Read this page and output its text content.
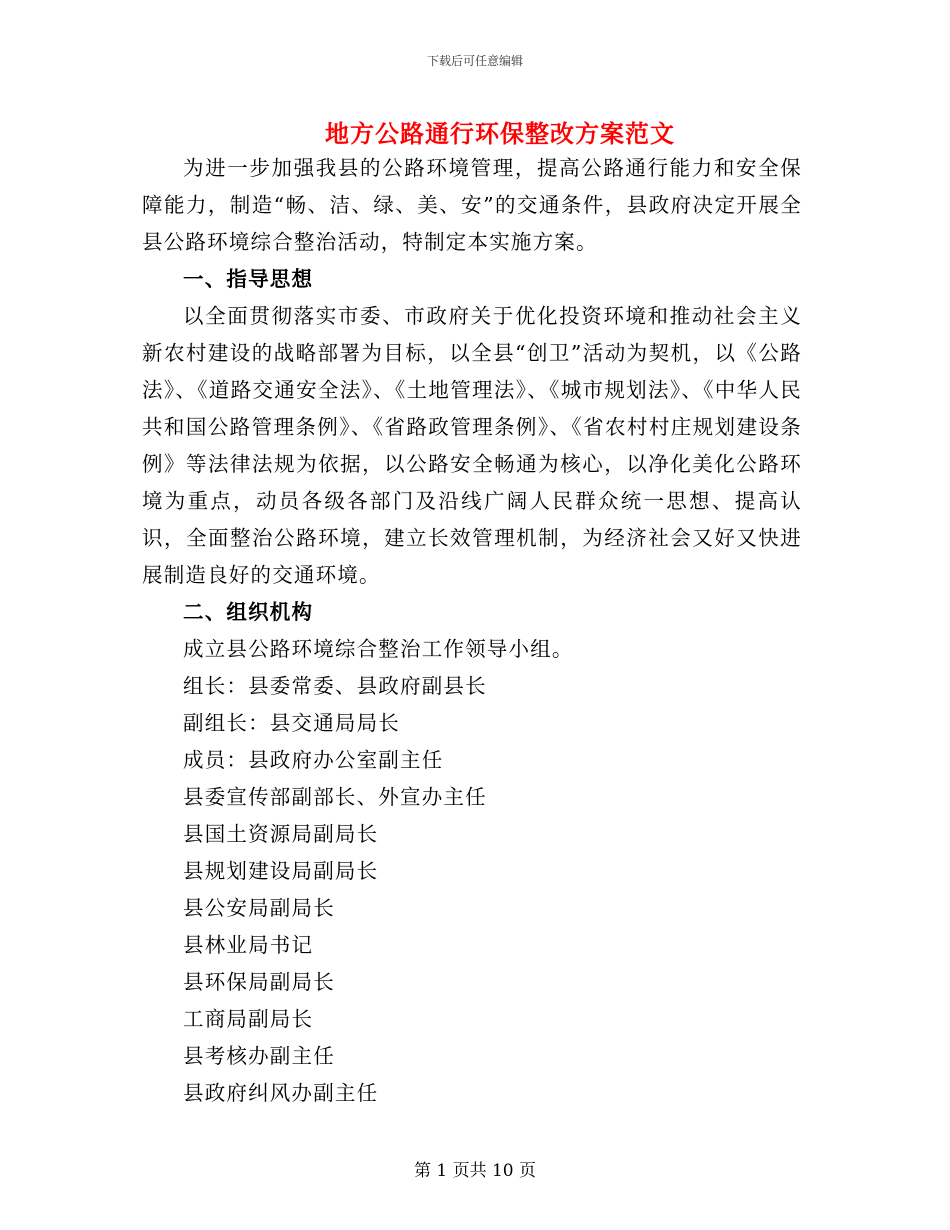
下载后可任意编辑
地方公路通行环保整改方案范文

为进一步加强我县的公路环境管理，提高公路通行能力和安全保障能力，制造“畅、洁、绿、美、安”的交通条件，县政府决定开展全县公路环境综合整治活动，特制定本实施方案。

一、指导思想

以全面贯彻落实市委、市政府关于优化投资环境和推动社会主义新农村建设的战略部署为目标，以全县“创卫”活动为契机，以《公路法》、《道路交通安全法》、《土地管理法》、《城市规划法》、《中华人民共和国公路管理条例》、《省路政管理条例》、《省农村村庄规划建设条例》等法律法规为依据，以公路安全畅通为核心，以净化美化公路环境为重点，动员各级各部门及沿线广阔人民群众统一思想、提高认识，全面整治公路环境，建立长效管理机制，为经济社会又好又快进展制造良好的交通环境。

二、组织机构

成立县公路环境综合整治工作领导小组。

组长：县委常委、县政府副县长

副组长：县交通局局长

成员：县政府办公室副主任

县委宣传部副部长、外宣办主任

县国土资源局副局长

县规划建设局副局长

县公安局副局长

县林业局书记

县环保局副局长

工商局副局长

县考核办副主任

县政府纠风办副主任

第 1 页共 10 页
